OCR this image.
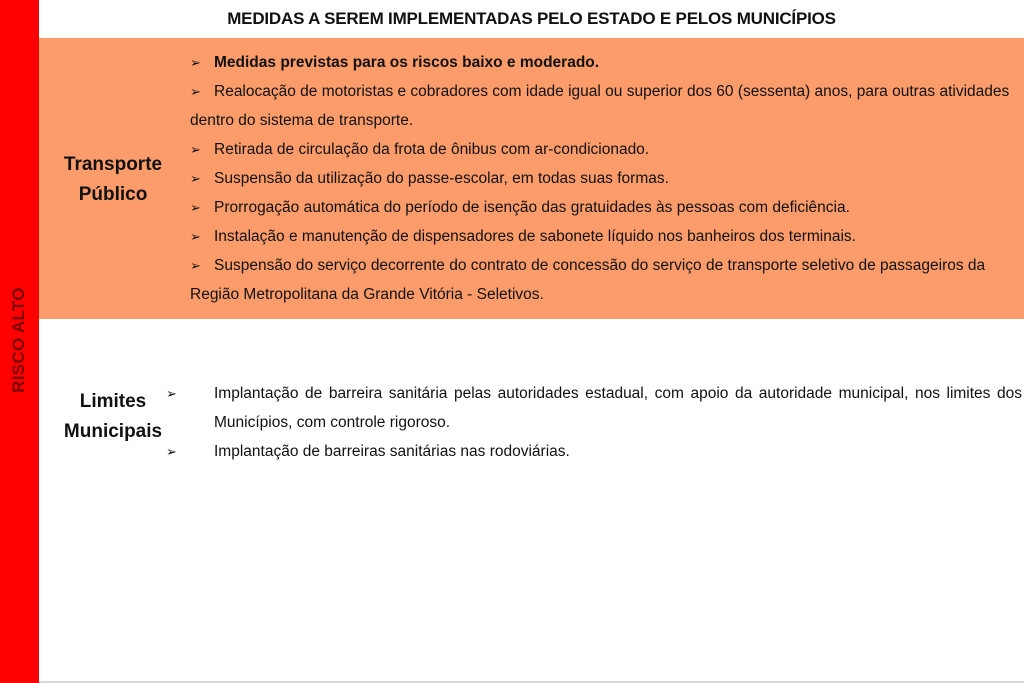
RISCO ALTO
MEDIDAS A SEREM IMPLEMENTADAS PELO ESTADO E PELOS MUNICÍPIOS
Transporte
Público
➢ Medidas previstas para os riscos baixo e moderado.
➢ Realocação de motoristas e cobradores com idade igual ou superior dos 60 (sessenta) anos, para outras atividades dentro do sistema de transporte.
➢ Retirada de circulação da frota de ônibus com ar-condicionado.
➢ Suspensão da utilização do passe-escolar, em todas suas formas.
➢ Prorrogação automática do período de isenção das gratuidades às pessoas com deficiência.
➢ Instalação e manutenção de dispensadores de sabonete líquido nos banheiros dos terminais.
➢ Suspensão do serviço decorrente do contrato de concessão do serviço de transporte seletivo de passageiros da Região Metropolitana da Grande Vitória - Seletivos.
Limites
Municipais
➢ Implantação de barreira sanitária pelas autoridades estadual, com apoio da autoridade municipal, nos limites dos Municípios, com controle rigoroso.
➢ Implantação de barreiras sanitárias nas rodoviárias.
